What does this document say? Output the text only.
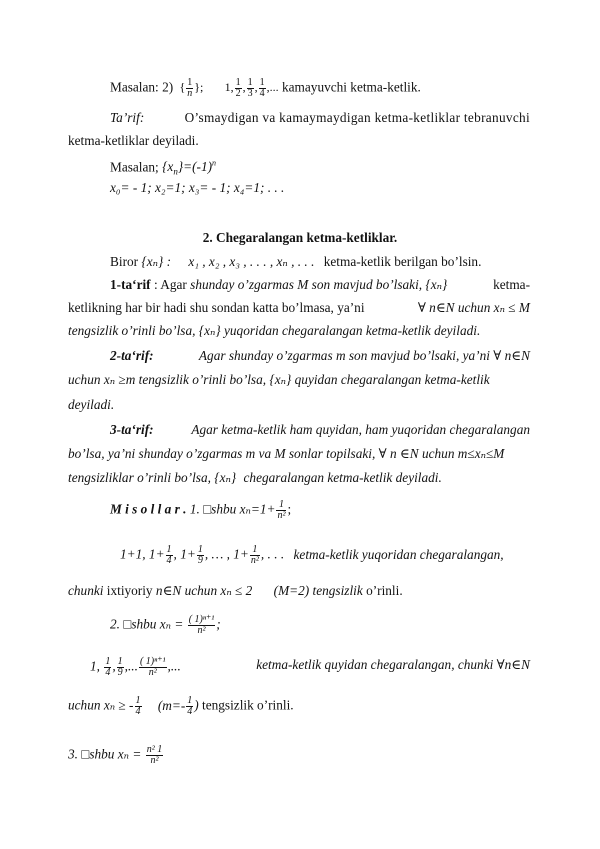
Masalan: 2) { $\frac{1}{n}$ }; 1, $\frac{1}{2}$ , $\frac{1}{3}$ , $\frac{1}{4}$ ,... kamayuvchi ketma-ketlik.
Ta’rif:	O’smaydigan va kamaymaydigan ketma-ketliklar tebranuvchi
ketma-ketliklar deyiladi.
Masalan; $\{x_n\}=(-1)^n$
x₀= - 1; x₂=1; x₃= - 1; x₄=1; . . .
2. Chegaralangan ketma-ketliklar.
Biror {xₙ} : x₁ , x₂ , x₃ , . . . , xₙ , . . . ketma-ketlik berilgan bo’lsin.
1-ta‘rif : Agar shunday o’zgarmas M son mavjud bo’lsaki, {xₙ}	ketma-
ketlikning har bir hadi shu sondan katta bo’lmasa, ya’ni	∀ n∈N uchun xₙ ≤ M
tengsizlik o’rinli bo’lsa, {xₙ} yuqoridan chegaralangan ketma-ketlik deyiladi.
2-ta‘rif:	Agar shunday o’zgarmas m son mavjud bo’lsaki, ya’ni ∀ n∈N
uchun xₙ ≥m tengsizlik o’rinli bo’lsa, {xₙ} quyidan chegaralangan ketma-ketlik
deyiladi.
3-ta‘rif:	Agar ketma-ketlik ham quyidan, ham yuqoridan chegaralangan
bo’lsa, ya’ni shunday o’zgarmas m va M sonlar topilsaki, ∀ n ∈N uchun m≤xₙ≤M
tengsizliklar o’rinli bo’lsa, {xₙ} chegaralangan ketma-ketlik deyiladi.
M i s o l l a r . 1. □shbu $x_n=1+ \frac{1}{\text{n²}}$ ;
1+1, $1+ \frac{1}{4}$ , $1+ \frac{1}{9}$ , … , $1+ \frac{1}{\text{n²}}$ , . . . ketma-ketlik yuqoridan chegaralangan,
chunki ixtiyoriy n∈N uchun xₙ ≤ 2 (M=2) tengsizlik o’rinli.
2. □shbu $x_n = \frac{\text{( 1)ⁿ⁺¹}}{\text{n²}}$ ;
1, $\frac{1}{4}$ , $\frac{1}{9}$ ,... $\frac{\text{( 1)ⁿ⁺¹}}{\text{n²}}$ ,...	ketma-ketlik quyidan chegaralangan, chunki ∀n∈N
uchun xₙ ≥ - $\frac{1}{4} (m=- \frac{1}{4}$ ) tengsizlik o’rinli.
3. □shbu $x_n = \frac{\text{n² 1}}{\text{n²}}$
